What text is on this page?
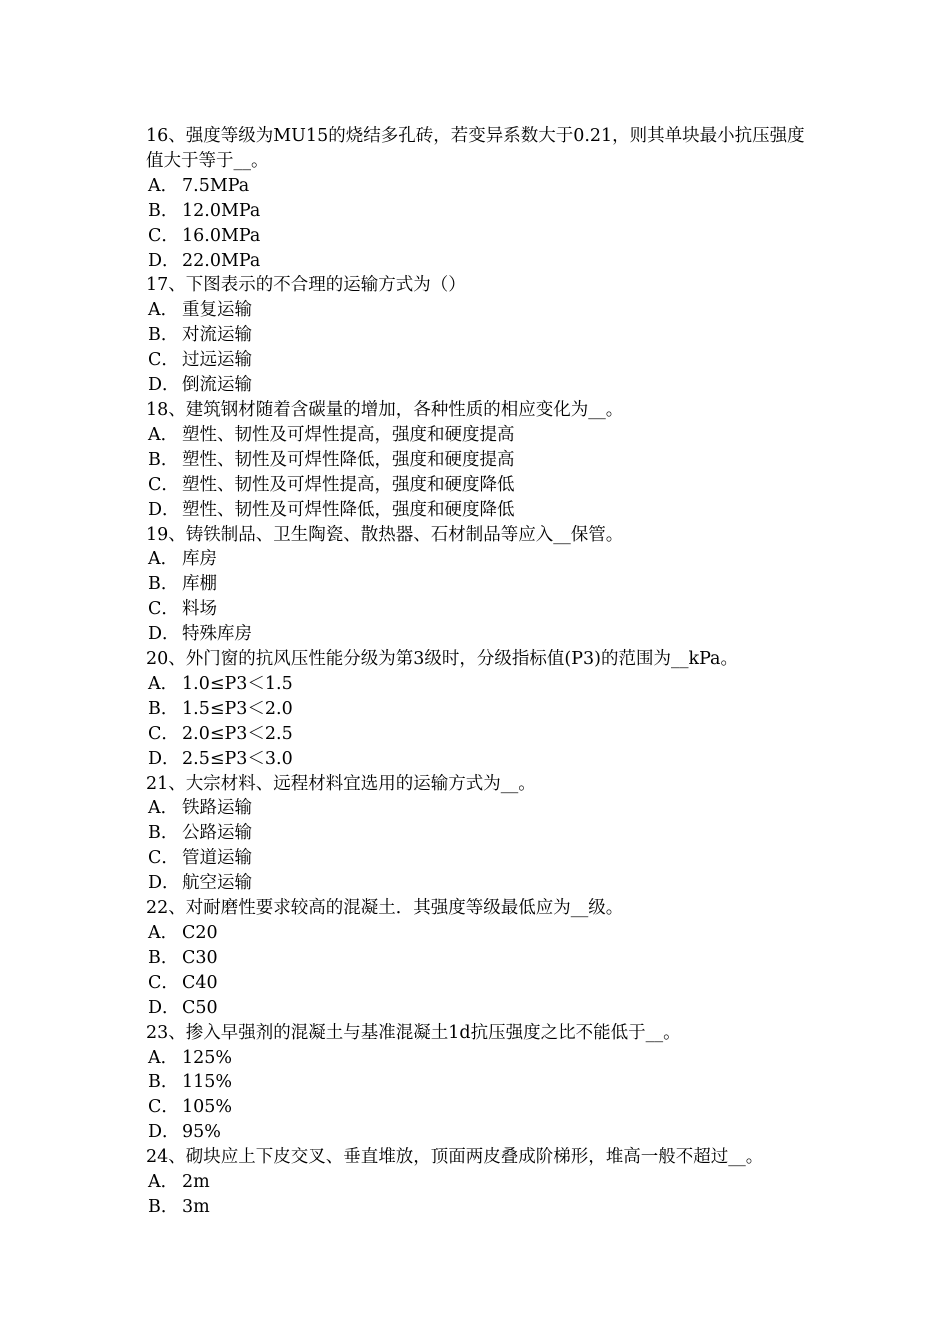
16、强度等级为MU15的烧结多孔砖，若变异系数大于0.21，则其单块最小抗压强度值大于等于__。
A． 7.5MPa
B． 12.0MPa
C． 16.0MPa
D． 22.0MPa
17、下图表示的不合理的运输方式为（）
A． 重复运输
B． 对流运输
C． 过远运输
D． 倒流运输
18、建筑钢材随着含碳量的增加，各种性质的相应变化为__。
A． 塑性、韧性及可焊性提高，强度和硬度提高
B． 塑性、韧性及可焊性降低，强度和硬度提高
C． 塑性、韧性及可焊性提高，强度和硬度降低
D． 塑性、韧性及可焊性降低，强度和硬度降低
19、铸铁制品、卫生陶瓷、散热器、石材制品等应入__保管。
A． 库房
B． 库棚
C． 料场
D． 特殊库房
20、外门窗的抗风压性能分级为第3级时，分级指标值(P3)的范围为__kPa。
A． 1.0≤P3＜1.5
B． 1.5≤P3＜2.0
C． 2.0≤P3＜2.5
D． 2.5≤P3＜3.0
21、大宗材料、远程材料宜选用的运输方式为__。
A． 铁路运输
B． 公路运输
C． 管道运输
D． 航空运输
22、对耐磨性要求较高的混凝土．其强度等级最低应为__级。
A． C20
B． C30
C． C40
D． C50
23、掺入早强剂的混凝土与基准混凝土1d抗压强度之比不能低于__。
A． 125%
B． 115%
C． 105%
D． 95%
24、砌块应上下皮交叉、垂直堆放，顶面两皮叠成阶梯形，堆高一般不超过__。
A． 2m
B． 3m
